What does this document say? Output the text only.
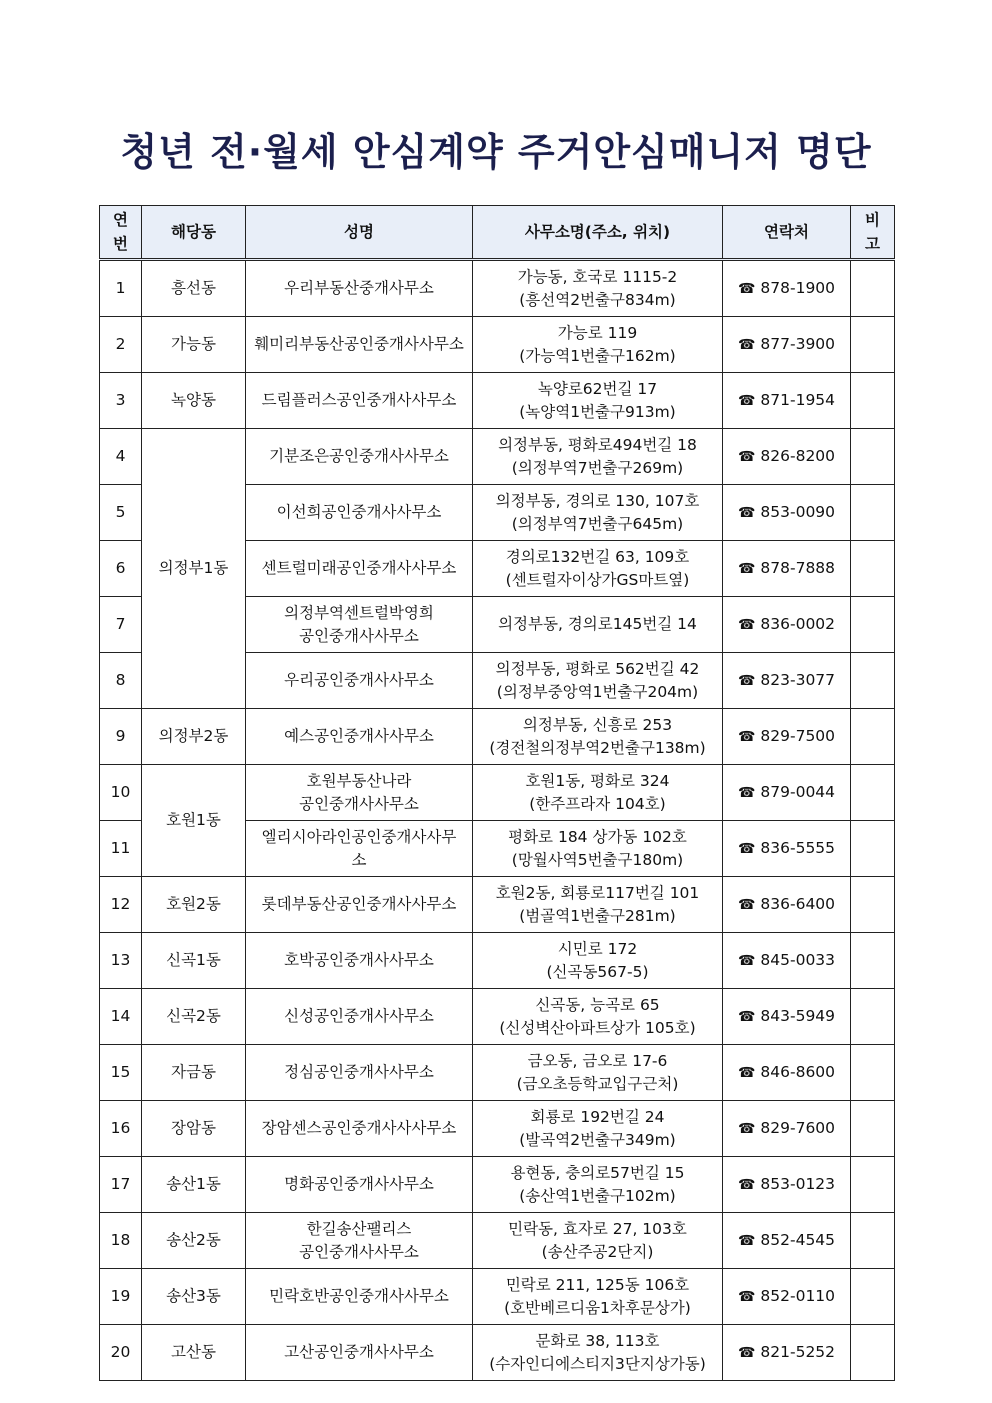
청년 전·월세 안심계약 주거안심매니저 명단
연
번	해당동	성명	사무소명(주소, 위치)	연락처	비
고

1	흥선동	우리부동산중개사무소	가능동, 호국로 1115-2
(흥선역2번출구834m)	☎ 878-1900	
2	가능동	훼미리부동산공인중개사사무소	가능로 119
(가능역1번출구162m)	☎ 877-3900	
3	녹양동	드림플러스공인중개사사무소	녹양로62번길 17
(녹양역1번출구913m)	☎ 871-1954	
4	의정부1동	기분조은공인중개사사무소	의정부동, 평화로494번길 18
(의정부역7번출구269m)	☎ 826-8200	
5		이선희공인중개사사무소	의정부동, 경의로 130, 107호
(의정부역7번출구645m)	☎ 853-0090	
6		센트럴미래공인중개사사무소	경의로132번길 63, 109호
(센트럴자이상가GS마트옆)	☎ 878-7888	
7		의정부역센트럴박영희
공인중개사사무소	의정부동, 경의로145번길 14	☎ 836-0002	
8		우리공인중개사사무소	의정부동, 평화로 562번길 42
(의정부중앙역1번출구204m)	☎ 823-3077	
9	의정부2동	예스공인중개사사무소	의정부동, 신흥로 253
(경전철의정부역2번출구138m)	☎ 829-7500	
10	호원1동	호원부동산나라
공인중개사사무소	호원1동, 평화로 324
(한주프라자 104호)	☎ 879-0044	
11		엘리시아라인공인중개사사무
소	평화로 184 상가동 102호
(망월사역5번출구180m)	☎ 836-5555	
12	호원2동	롯데부동산공인중개사사무소	호원2동, 회룡로117번길 101
(범골역1번출구281m)	☎ 836-6400	
13	신곡1동	호박공인중개사사무소	시민로 172
(신곡동567-5)	☎ 845-0033	
14	신곡2동	신성공인중개사사무소	신곡동, 능곡로 65
(신성벽산아파트상가 105호)	☎ 843-5949	
15	자금동	정심공인중개사사무소	금오동, 금오로 17-6
(금오초등학교입구근처)	☎ 846-8600	
16	장암동	장암센스공인중개사사사무소	회룡로 192번길 24
(발곡역2번출구349m)	☎ 829-7600	
17	송산1동	명화공인중개사사무소	용현동, 충의로57번길 15
(송산역1번출구102m)	☎ 853-0123	
18	송산2동	한길송산팰리스
공인중개사사무소	민락동, 효자로 27, 103호
(송산주공2단지)	☎ 852-4545	
19	송산3동	민락호반공인중개사사무소	민락로 211, 125동 106호
(호반베르디움1차후문상가)	☎ 852-0110	
20	고산동	고산공인중개사사무소	문화로 38, 113호
(수자인디에스티지3단지상가동)	☎ 821-5252	
